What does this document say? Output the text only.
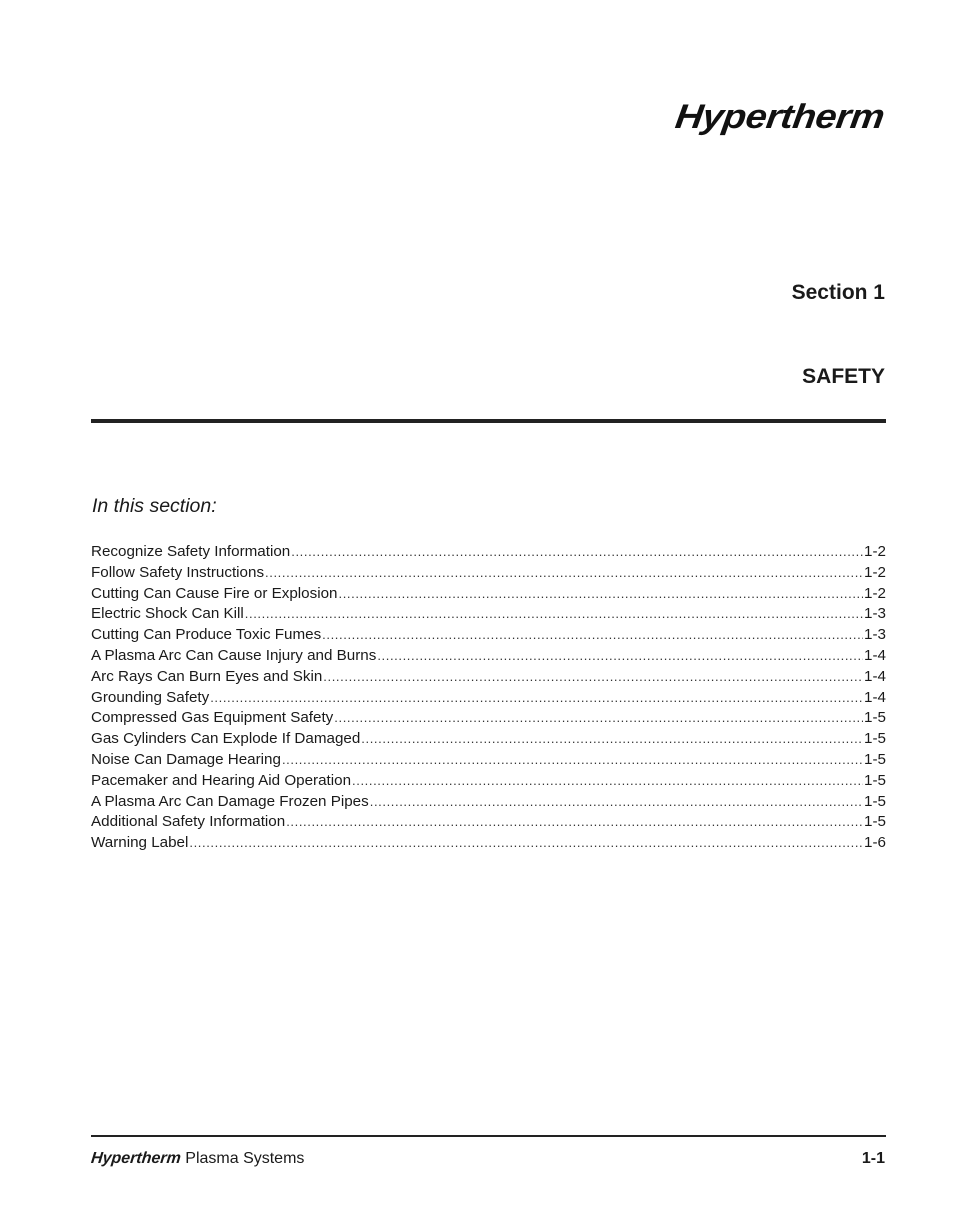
Hypertherm
Section 1
SAFETY
In this section:
Recognize Safety Information .....	1-2
Follow Safety Instructions .....	1-2
Cutting Can Cause Fire or Explosion .....	1-2
Electric Shock Can Kill .....	1-3
Cutting Can Produce Toxic Fumes .....	1-3
A Plasma Arc Can Cause Injury and Burns .....	1-4
Arc Rays Can Burn Eyes and Skin .....	1-4
Grounding Safety .....	1-4
Compressed Gas Equipment Safety .....	1-5
Gas Cylinders Can Explode If Damaged .....	1-5
Noise Can Damage Hearing .....	1-5
Pacemaker and Hearing Aid Operation .....	1-5
A Plasma Arc Can Damage Frozen Pipes .....	1-5
Additional Safety Information .....	1-5
Warning Label .....	1-6
Hypertherm Plasma Systems	1-1
